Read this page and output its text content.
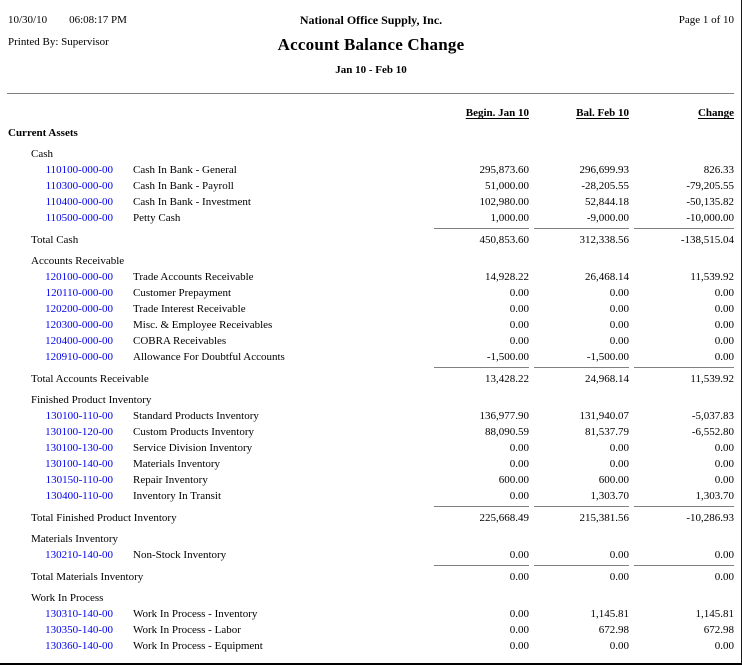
10/30/10 06:08:17 PM
Printed By: Supervisor
National Office Supply, Inc.
Account Balance Change
Jan 10 - Feb 10
Page 1 of 10
Begin. Jan 10	Bal. Feb 10	Change
Current Assets
Cash
110100-000-00	Cash In Bank - General	295,873.60	296,699.93	826.33
110300-000-00	Cash In Bank - Payroll	51,000.00	-28,205.55	-79,205.55
110400-000-00	Cash In Bank - Investment	102,980.00	52,844.18	-50,135.82
110500-000-00	Petty Cash	1,000.00	-9,000.00	-10,000.00
Total Cash	450,853.60	312,338.56	-138,515.04
Accounts Receivable
120100-000-00	Trade Accounts Receivable	14,928.22	26,468.14	11,539.92
120110-000-00	Customer Prepayment	0.00	0.00	0.00
120200-000-00	Trade Interest Receivable	0.00	0.00	0.00
120300-000-00	Misc. & Employee Receivables	0.00	0.00	0.00
120400-000-00	COBRA Receivables	0.00	0.00	0.00
120910-000-00	Allowance For Doubtful Accounts	-1,500.00	-1,500.00	0.00
Total Accounts Receivable	13,428.22	24,968.14	11,539.92
Finished Product Inventory
130100-110-00	Standard Products Inventory	136,977.90	131,940.07	-5,037.83
130100-120-00	Custom Products Inventory	88,090.59	81,537.79	-6,552.80
130100-130-00	Service Division Inventory	0.00	0.00	0.00
130100-140-00	Materials Inventory	0.00	0.00	0.00
130150-110-00	Repair Inventory	600.00	600.00	0.00
130400-110-00	Inventory In Transit	0.00	1,303.70	1,303.70
Total Finished Product Inventory	225,668.49	215,381.56	-10,286.93
Materials Inventory
130210-140-00	Non-Stock Inventory	0.00	0.00	0.00
Total Materials Inventory	0.00	0.00	0.00
Work In Process
130310-140-00	Work In Process - Inventory	0.00	1,145.81	1,145.81
130350-140-00	Work In Process - Labor	0.00	672.98	672.98
130360-140-00	Work In Process - Equipment	0.00	0.00	0.00
